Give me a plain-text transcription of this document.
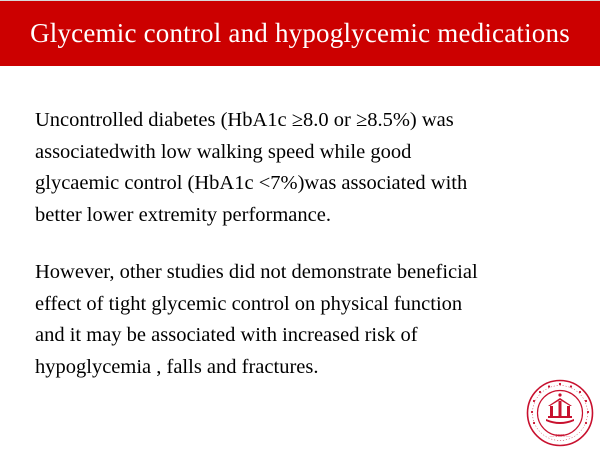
Glycemic control and hypoglycemic medications
Uncontrolled diabetes (HbA1c ≥8.0 or ≥8.5%) was
associatedwith low walking speed while good
glycaemic control (HbA1c <7%)was associated with
better lower extremity performance.
However, other studies did not demonstrate beneficial
effect of tight glycemic control on physical function
and it may be associated with increased risk of
hypoglycemia , falls and fractures.
— 2003 —
